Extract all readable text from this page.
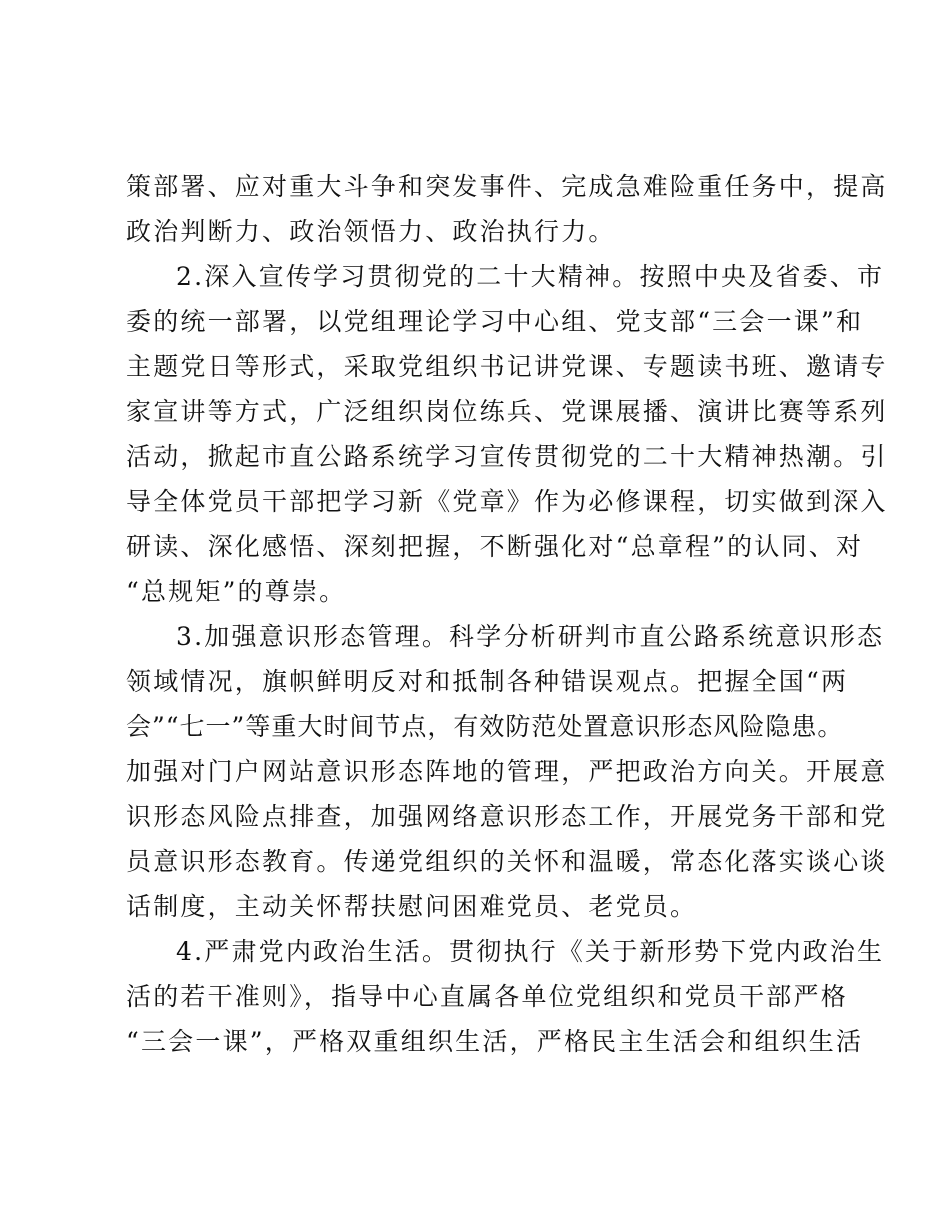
策部署、应对重大斗争和突发事件、完成急难险重任务中，提高
政治判断力、政治领悟力、政治执行力。
2.深入宣传学习贯彻党的二十大精神。按照中央及省委、市
委的统一部署，以党组理论学习中心组、党支部“三会一课”和
主题党日等形式，采取党组织书记讲党课、专题读书班、邀请专
家宣讲等方式，广泛组织岗位练兵、党课展播、演讲比赛等系列
活动，掀起市直公路系统学习宣传贯彻党的二十大精神热潮。引
导全体党员干部把学习新《党章》作为必修课程，切实做到深入
研读、深化感悟、深刻把握，不断强化对“总章程”的认同、对
“总规矩”的尊崇。
3.加强意识形态管理。科学分析研判市直公路系统意识形态
领域情况，旗帜鲜明反对和抵制各种错误观点。把握全国“两
会”“七一”等重大时间节点，有效防范处置意识形态风险隐患。
加强对门户网站意识形态阵地的管理，严把政治方向关。开展意
识形态风险点排查，加强网络意识形态工作，开展党务干部和党
员意识形态教育。传递党组织的关怀和温暖，常态化落实谈心谈
话制度，主动关怀帮扶慰问困难党员、老党员。
4.严肃党内政治生活。贯彻执行《关于新形势下党内政治生
活的若干准则》，指导中心直属各单位党组织和党员干部严格
“三会一课”，严格双重组织生活，严格民主生活会和组织生活
